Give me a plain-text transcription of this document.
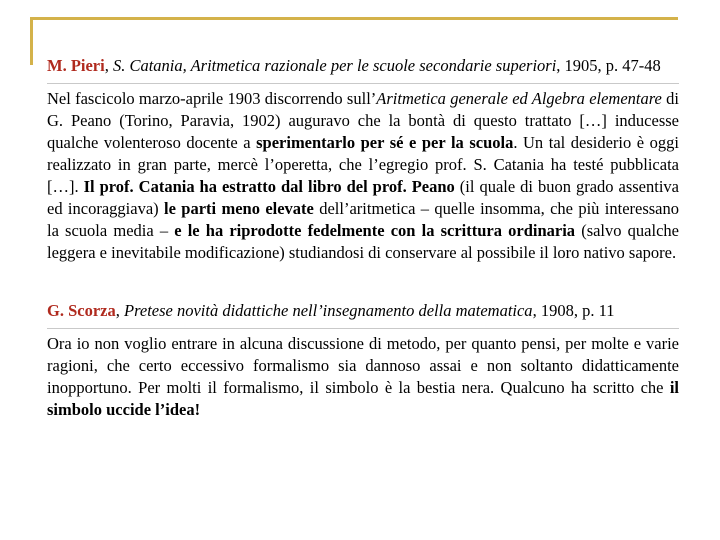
M. Pieri, S. Catania, Aritmetica razionale per le scuole secondarie superiori, 1905, p. 47-48

Nel fascicolo marzo-aprile 1903 discorrendo sull’Aritmetica generale ed Algebra elementare di G. Peano (Torino, Paravia, 1902) auguravo che la bontà di questo trattato […] inducesse qualche volenteroso docente a sperimentarlo per sé e per la scuola. Un tal desiderio è oggi realizzato in gran parte, mercè l’operetta, che l’egregio prof. S. Catania ha testé pubblicata […]. Il prof. Catania ha estratto dal libro del prof. Peano (il quale di buon grado assentiva ed incoraggiava) le parti meno elevate dell’aritmetica – quelle insomma, che più interessano la scuola media – e le ha riprodotte fedelmente con la scrittura ordinaria (salvo qualche leggera e inevitabile modificazione) studiandosi di conservare al possibile il loro nativo sapore.

G. Scorza, Pretese novità didattiche nell’insegnamento della matematica, 1908, p. 11

Ora io non voglio entrare in alcuna discussione di metodo, per quanto pensi, per molte e varie ragioni, che certo eccessivo formalismo sia dannoso assai e non soltanto didatticamente inopportuno. Per molti il formalismo, il simbolo è la bestia nera. Qualcuno ha scritto che il simbolo uccide l’idea!
